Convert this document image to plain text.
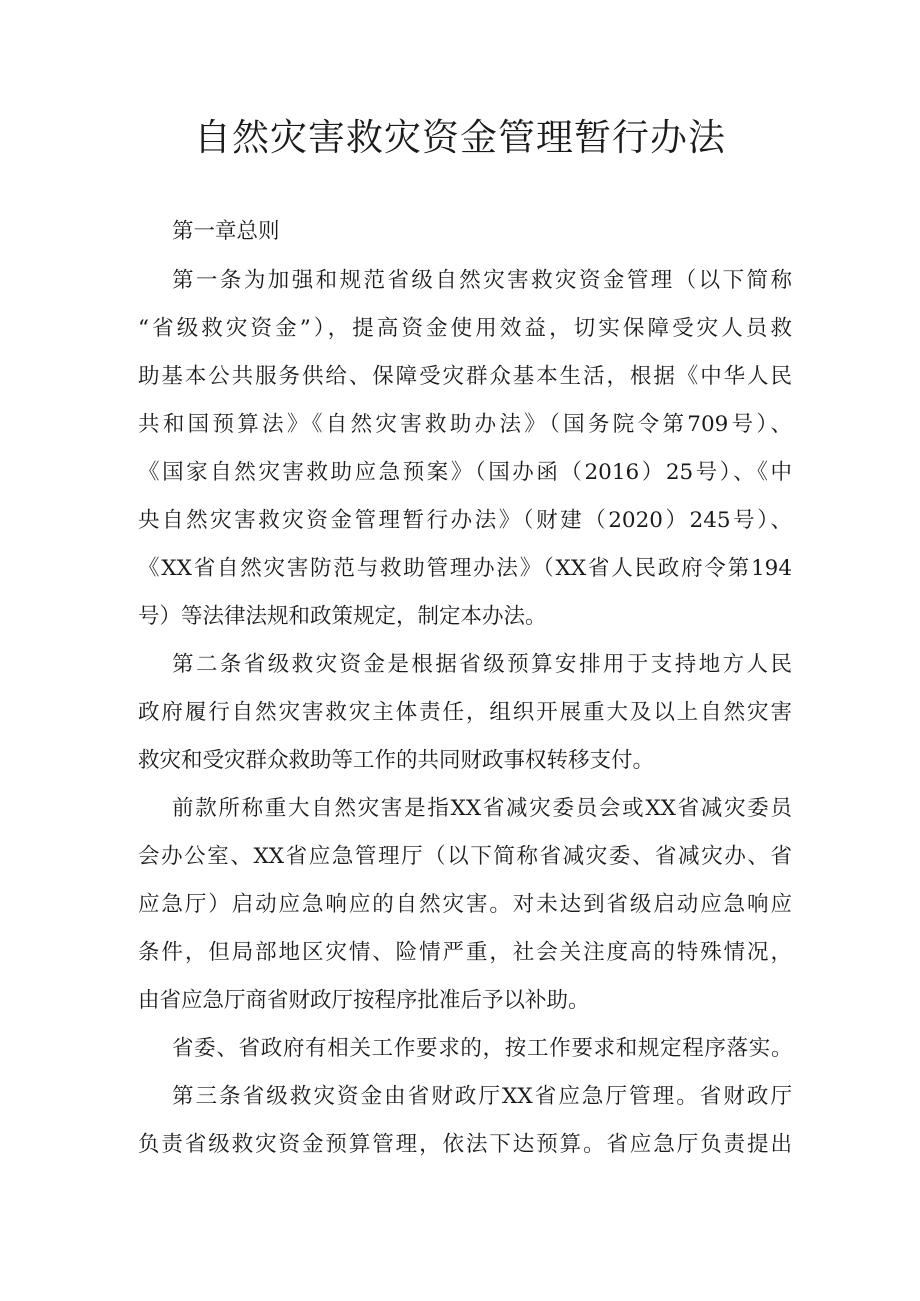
自然灾害救灾资金管理暂行办法

第一章总则

第一条为加强和规范省级自然灾害救灾资金管理（以下简称

“省级救灾资金”），提高资金使用效益，切实保障受灾人员救

助基本公共服务供给、保障受灾群众基本生活，根据《中华人民

共和国预算法》《自然灾害救助办法》（国务院令第709号）、

《国家自然灾害救助应急预案》（国办函（2016）25号）、《中

央自然灾害救灾资金管理暂行办法》（财建（2020）245号）、

《XX省自然灾害防范与救助管理办法》（XX省人民政府令第194

号）等法律法规和政策规定，制定本办法。

第二条省级救灾资金是根据省级预算安排用于支持地方人民

政府履行自然灾害救灾主体责任，组织开展重大及以上自然灾害

救灾和受灾群众救助等工作的共同财政事权转移支付。

前款所称重大自然灾害是指XX省减灾委员会或XX省减灾委员

会办公室、XX省应急管理厅（以下简称省减灾委、省减灾办、省

应急厅）启动应急响应的自然灾害。对未达到省级启动应急响应

条件，但局部地区灾情、险情严重，社会关注度高的特殊情况，

由省应急厅商省财政厅按程序批准后予以补助。

省委、省政府有相关工作要求的，按工作要求和规定程序落实。

第三条省级救灾资金由省财政厅XX省应急厅管理。省财政厅

负责省级救灾资金预算管理，依法下达预算。省应急厅负责提出
